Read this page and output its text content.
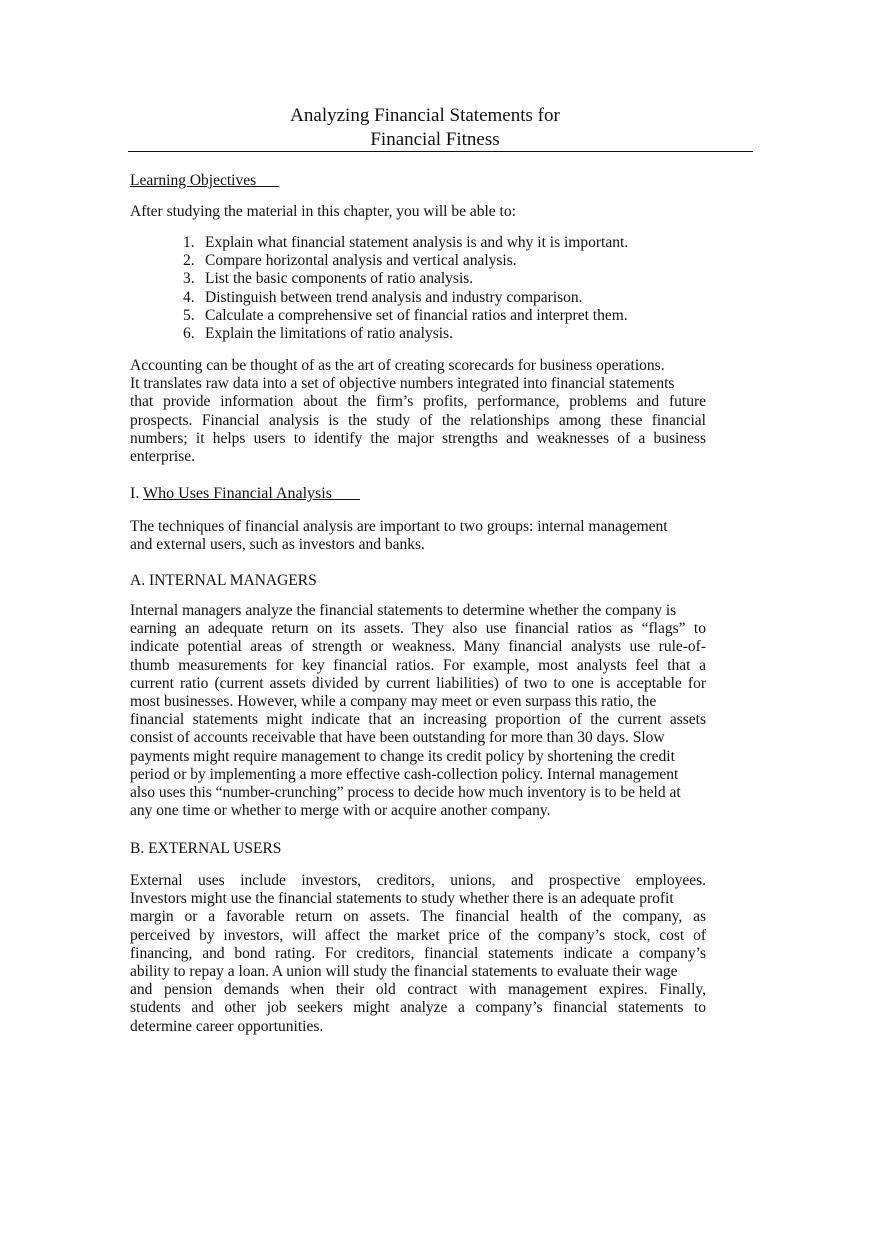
Analyzing Financial Statements for
Financial Fitness
Learning Objectives
After studying the material in this chapter, you will be able to:
1. Explain what financial statement analysis is and why it is important.
2. Compare horizontal analysis and vertical analysis.
3. List the basic components of ratio analysis.
4. Distinguish between trend analysis and industry comparison.
5. Calculate a comprehensive set of financial ratios and interpret them.
6. Explain the limitations of ratio analysis.
Accounting can be thought of as the art of creating scorecards for business operations.
It translates raw data into a set of objective numbers integrated into financial statements
that provide information about the firm’s profits, performance, problems and future
prospects. Financial analysis is the study of the relationships among these financial
numbers; it helps users to identify the major strengths and weaknesses of a business
enterprise.
I. Who Uses Financial Analysis
The techniques of financial analysis are important to two groups: internal management
and external users, such as investors and banks.
A. INTERNAL MANAGERS
Internal managers analyze the financial statements to determine whether the company is
earning an adequate return on its assets. They also use financial ratios as “flags” to
indicate potential areas of strength or weakness. Many financial analysts use rule-of-
thumb measurements for key financial ratios. For example, most analysts feel that a
current ratio (current assets divided by current liabilities) of two to one is acceptable for
most businesses. However, while a company may meet or even surpass this ratio, the
financial statements might indicate that an increasing proportion of the current assets
consist of accounts receivable that have been outstanding for more than 30 days. Slow
payments might require management to change its credit policy by shortening the credit
period or by implementing a more effective cash-collection policy. Internal management
also uses this “number-crunching” process to decide how much inventory is to be held at
any one time or whether to merge with or acquire another company.
B. EXTERNAL USERS
External uses include investors, creditors, unions, and prospective employees.
Investors might use the financial statements to study whether there is an adequate profit
margin or a favorable return on assets. The financial health of the company, as
perceived by investors, will affect the market price of the company’s stock, cost of
financing, and bond rating. For creditors, financial statements indicate a company’s
ability to repay a loan. A union will study the financial statements to evaluate their wage
and pension demands when their old contract with management expires. Finally,
students and other job seekers might analyze a company’s financial statements to
determine career opportunities.
